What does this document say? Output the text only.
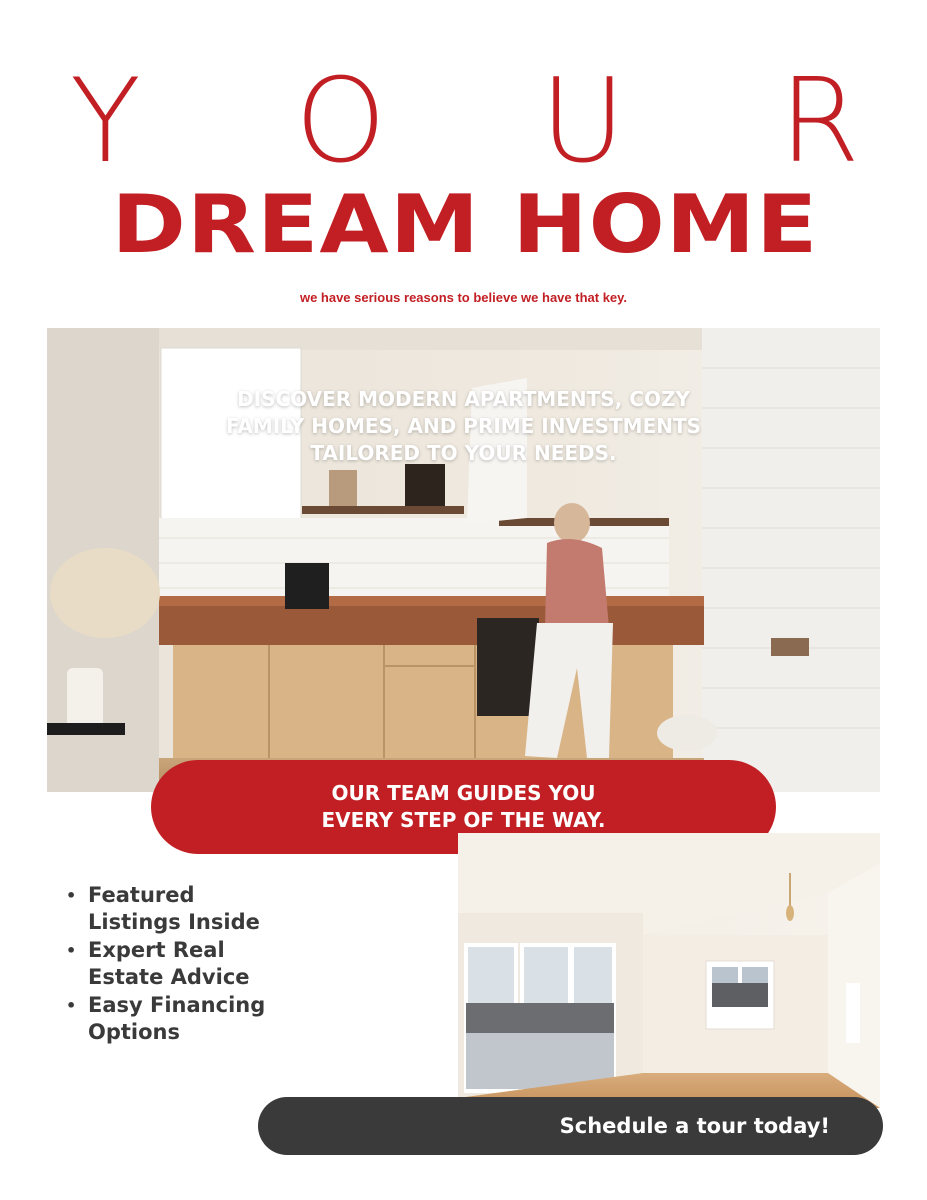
Y O U R
DREAM HOME
we have serious reasons to believe we have that key.
DISCOVER MODERN APARTMENTS, COZY
FAMILY HOMES, AND PRIME INVESTMENTS
TAILORED TO YOUR NEEDS.
OUR TEAM GUIDES YOU
EVERY STEP OF THE WAY.
• Featured
Listings Inside
• Expert Real
Estate Advice
• Easy Financing
Options
Schedule a tour today!
